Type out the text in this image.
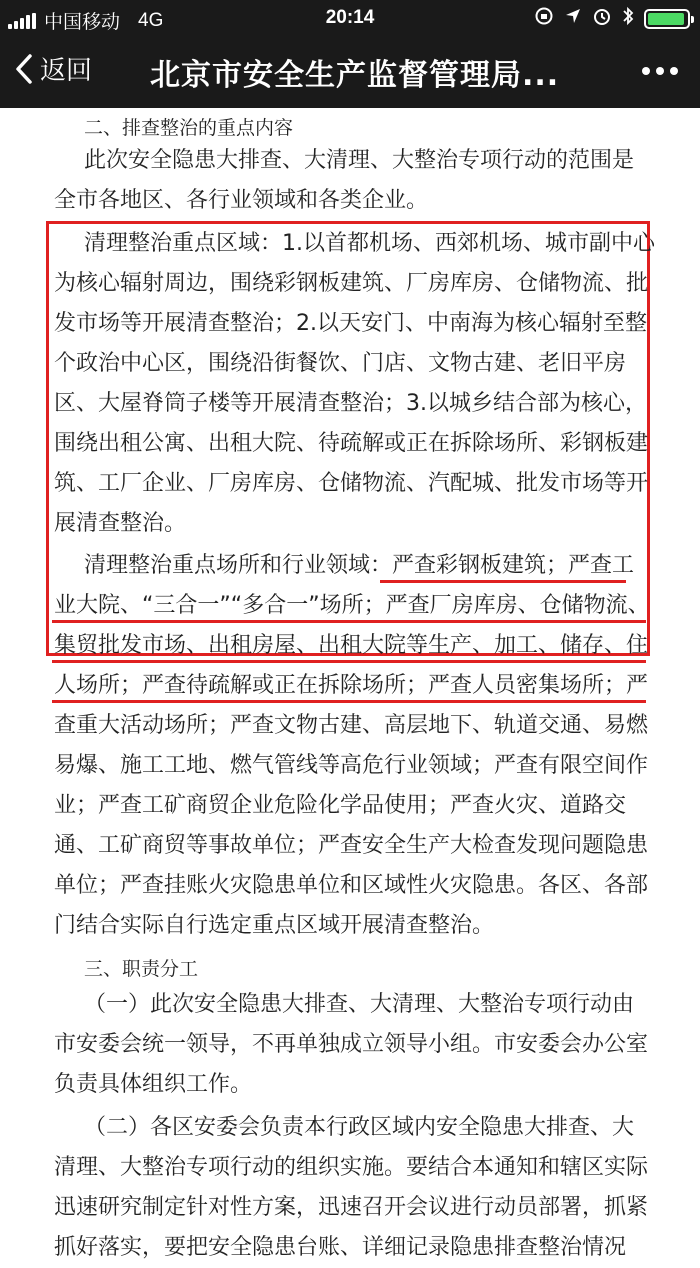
中国移动 4G	20:14
返回 北京市安全生产监督管理局...
二、排查整治的重点内容
此次安全隐患大排查、大清理、大整治专项行动的范围是
全市各地区、各行业领域和各类企业。
清理整治重点区域：1.以首都机场、西郊机场、城市副中心
为核心辐射周边，围绕彩钢板建筑、厂房库房、仓储物流、批
发市场等开展清查整治；2.以天安门、中南海为核心辐射至整
个政治中心区，围绕沿街餐饮、门店、文物古建、老旧平房
区、大屋脊筒子楼等开展清查整治；3.以城乡结合部为核心，
围绕出租公寓、出租大院、待疏解或正在拆除场所、彩钢板建
筑、工厂企业、厂房库房、仓储物流、汽配城、批发市场等开
展清查整治。
清理整治重点场所和行业领域：严查彩钢板建筑；严查工
业大院、“三合一”“多合一”场所；严查厂房库房、仓储物流、
集贸批发市场、出租房屋、出租大院等生产、加工、储存、住
人场所；严查待疏解或正在拆除场所；严查人员密集场所；严
查重大活动场所；严查文物古建、高层地下、轨道交通、易燃
易爆、施工工地、燃气管线等高危行业领域；严查有限空间作
业；严查工矿商贸企业危险化学品使用；严查火灾、道路交
通、工矿商贸等事故单位；严查安全生产大检查发现问题隐患
单位；严查挂账火灾隐患单位和区域性火灾隐患。各区、各部
门结合实际自行选定重点区域开展清查整治。
三、职责分工
（一）此次安全隐患大排查、大清理、大整治专项行动由
市安委会统一领导，不再单独成立领导小组。市安委会办公室
负责具体组织工作。
（二）各区安委会负责本行政区域内安全隐患大排查、大
清理、大整治专项行动的组织实施。要结合本通知和辖区实际
迅速研究制定针对性方案，迅速召开会议进行动员部署，抓紧
抓好落实，要把安全隐患台账、详细记录隐患排查整治情况
